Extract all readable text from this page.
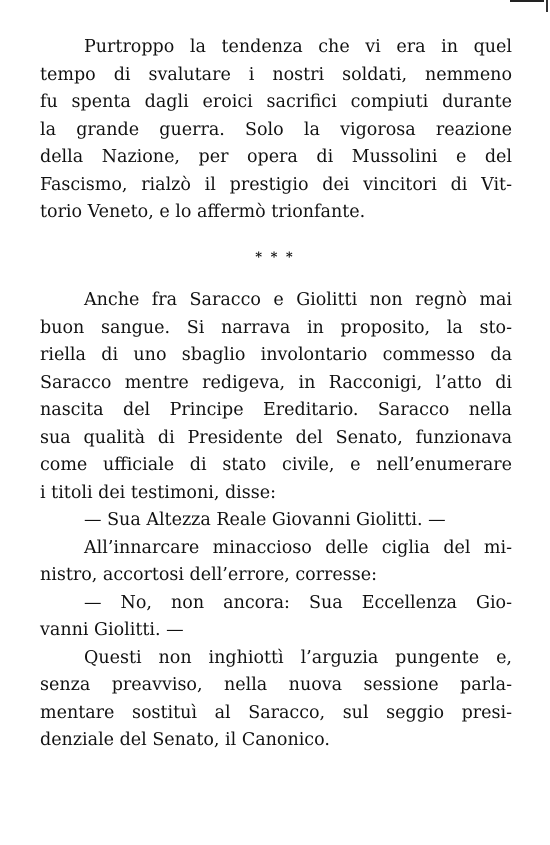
Purtroppo la tendenza che vi era in quel
tempo di svalutare i nostri soldati, nemmeno
fu spenta dagli eroici sacrifici compiuti durante
la grande guerra. Solo la vigorosa reazione
della Nazione, per opera di Mussolini e del
Fascismo, rialzò il prestigio dei vincitori di Vit-
torio Veneto, e lo affermò trionfante.
* * *
Anche fra Saracco e Giolitti non regnò mai
buon sangue. Si narrava in proposito, la sto-
riella di uno sbaglio involontario commesso da
Saracco mentre redigeva, in Racconigi, l’atto di
nascita del Principe Ereditario. Saracco nella
sua qualità di Presidente del Senato, funzionava
come ufficiale di stato civile, e nell’enumerare
i titoli dei testimoni, disse:
— Sua Altezza Reale Giovanni Giolitti. —
All’innarcare minaccioso delle ciglia del mi-
nistro, accortosi dell’errore, corresse:
— No, non ancora: Sua Eccellenza Gio-
vanni Giolitti. —
Questi non inghiottì l’arguzia pungente e,
senza preavviso, nella nuova sessione parla-
mentare sostituì al Saracco, sul seggio presi-
denziale del Senato, il Canonico.
